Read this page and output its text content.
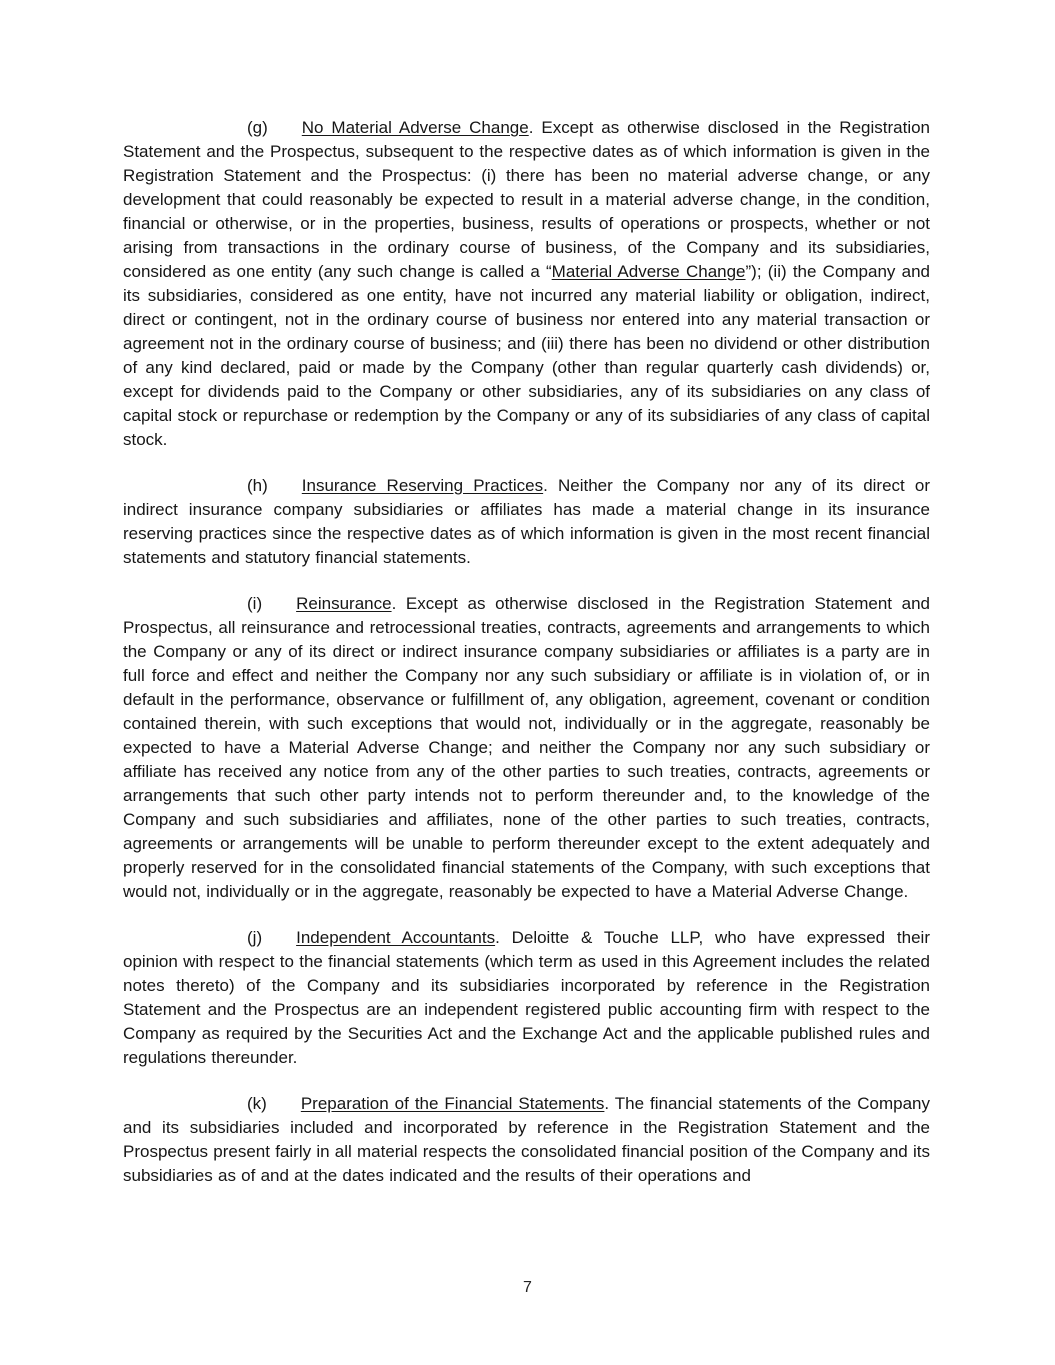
(g) No Material Adverse Change. Except as otherwise disclosed in the Registration Statement and the Prospectus, subsequent to the respective dates as of which information is given in the Registration Statement and the Prospectus: (i) there has been no material adverse change, or any development that could reasonably be expected to result in a material adverse change, in the condition, financial or otherwise, or in the properties, business, results of operations or prospects, whether or not arising from transactions in the ordinary course of business, of the Company and its subsidiaries, considered as one entity (any such change is called a “Material Adverse Change”); (ii) the Company and its subsidiaries, considered as one entity, have not incurred any material liability or obligation, indirect, direct or contingent, not in the ordinary course of business nor entered into any material transaction or agreement not in the ordinary course of business; and (iii) there has been no dividend or other distribution of any kind declared, paid or made by the Company (other than regular quarterly cash dividends) or, except for dividends paid to the Company or other subsidiaries, any of its subsidiaries on any class of capital stock or repurchase or redemption by the Company or any of its subsidiaries of any class of capital stock.

(h) Insurance Reserving Practices. Neither the Company nor any of its direct or indirect insurance company subsidiaries or affiliates has made a material change in its insurance reserving practices since the respective dates as of which information is given in the most recent financial statements and statutory financial statements.

(i) Reinsurance. Except as otherwise disclosed in the Registration Statement and Prospectus, all reinsurance and retrocessional treaties, contracts, agreements and arrangements to which the Company or any of its direct or indirect insurance company subsidiaries or affiliates is a party are in full force and effect and neither the Company nor any such subsidiary or affiliate is in violation of, or in default in the performance, observance or fulfillment of, any obligation, agreement, covenant or condition contained therein, with such exceptions that would not, individually or in the aggregate, reasonably be expected to have a Material Adverse Change; and neither the Company nor any such subsidiary or affiliate has received any notice from any of the other parties to such treaties, contracts, agreements or arrangements that such other party intends not to perform thereunder and, to the knowledge of the Company and such subsidiaries and affiliates, none of the other parties to such treaties, contracts, agreements or arrangements will be unable to perform thereunder except to the extent adequately and properly reserved for in the consolidated financial statements of the Company, with such exceptions that would not, individually or in the aggregate, reasonably be expected to have a Material Adverse Change.

(j) Independent Accountants. Deloitte & Touche LLP, who have expressed their opinion with respect to the financial statements (which term as used in this Agreement includes the related notes thereto) of the Company and its subsidiaries incorporated by reference in the Registration Statement and the Prospectus are an independent registered public accounting firm with respect to the Company as required by the Securities Act and the Exchange Act and the applicable published rules and regulations thereunder.

(k) Preparation of the Financial Statements. The financial statements of the Company and its subsidiaries included and incorporated by reference in the Registration Statement and the Prospectus present fairly in all material respects the consolidated financial position of the Company and its subsidiaries as of and at the dates indicated and the results of their operations and

7
